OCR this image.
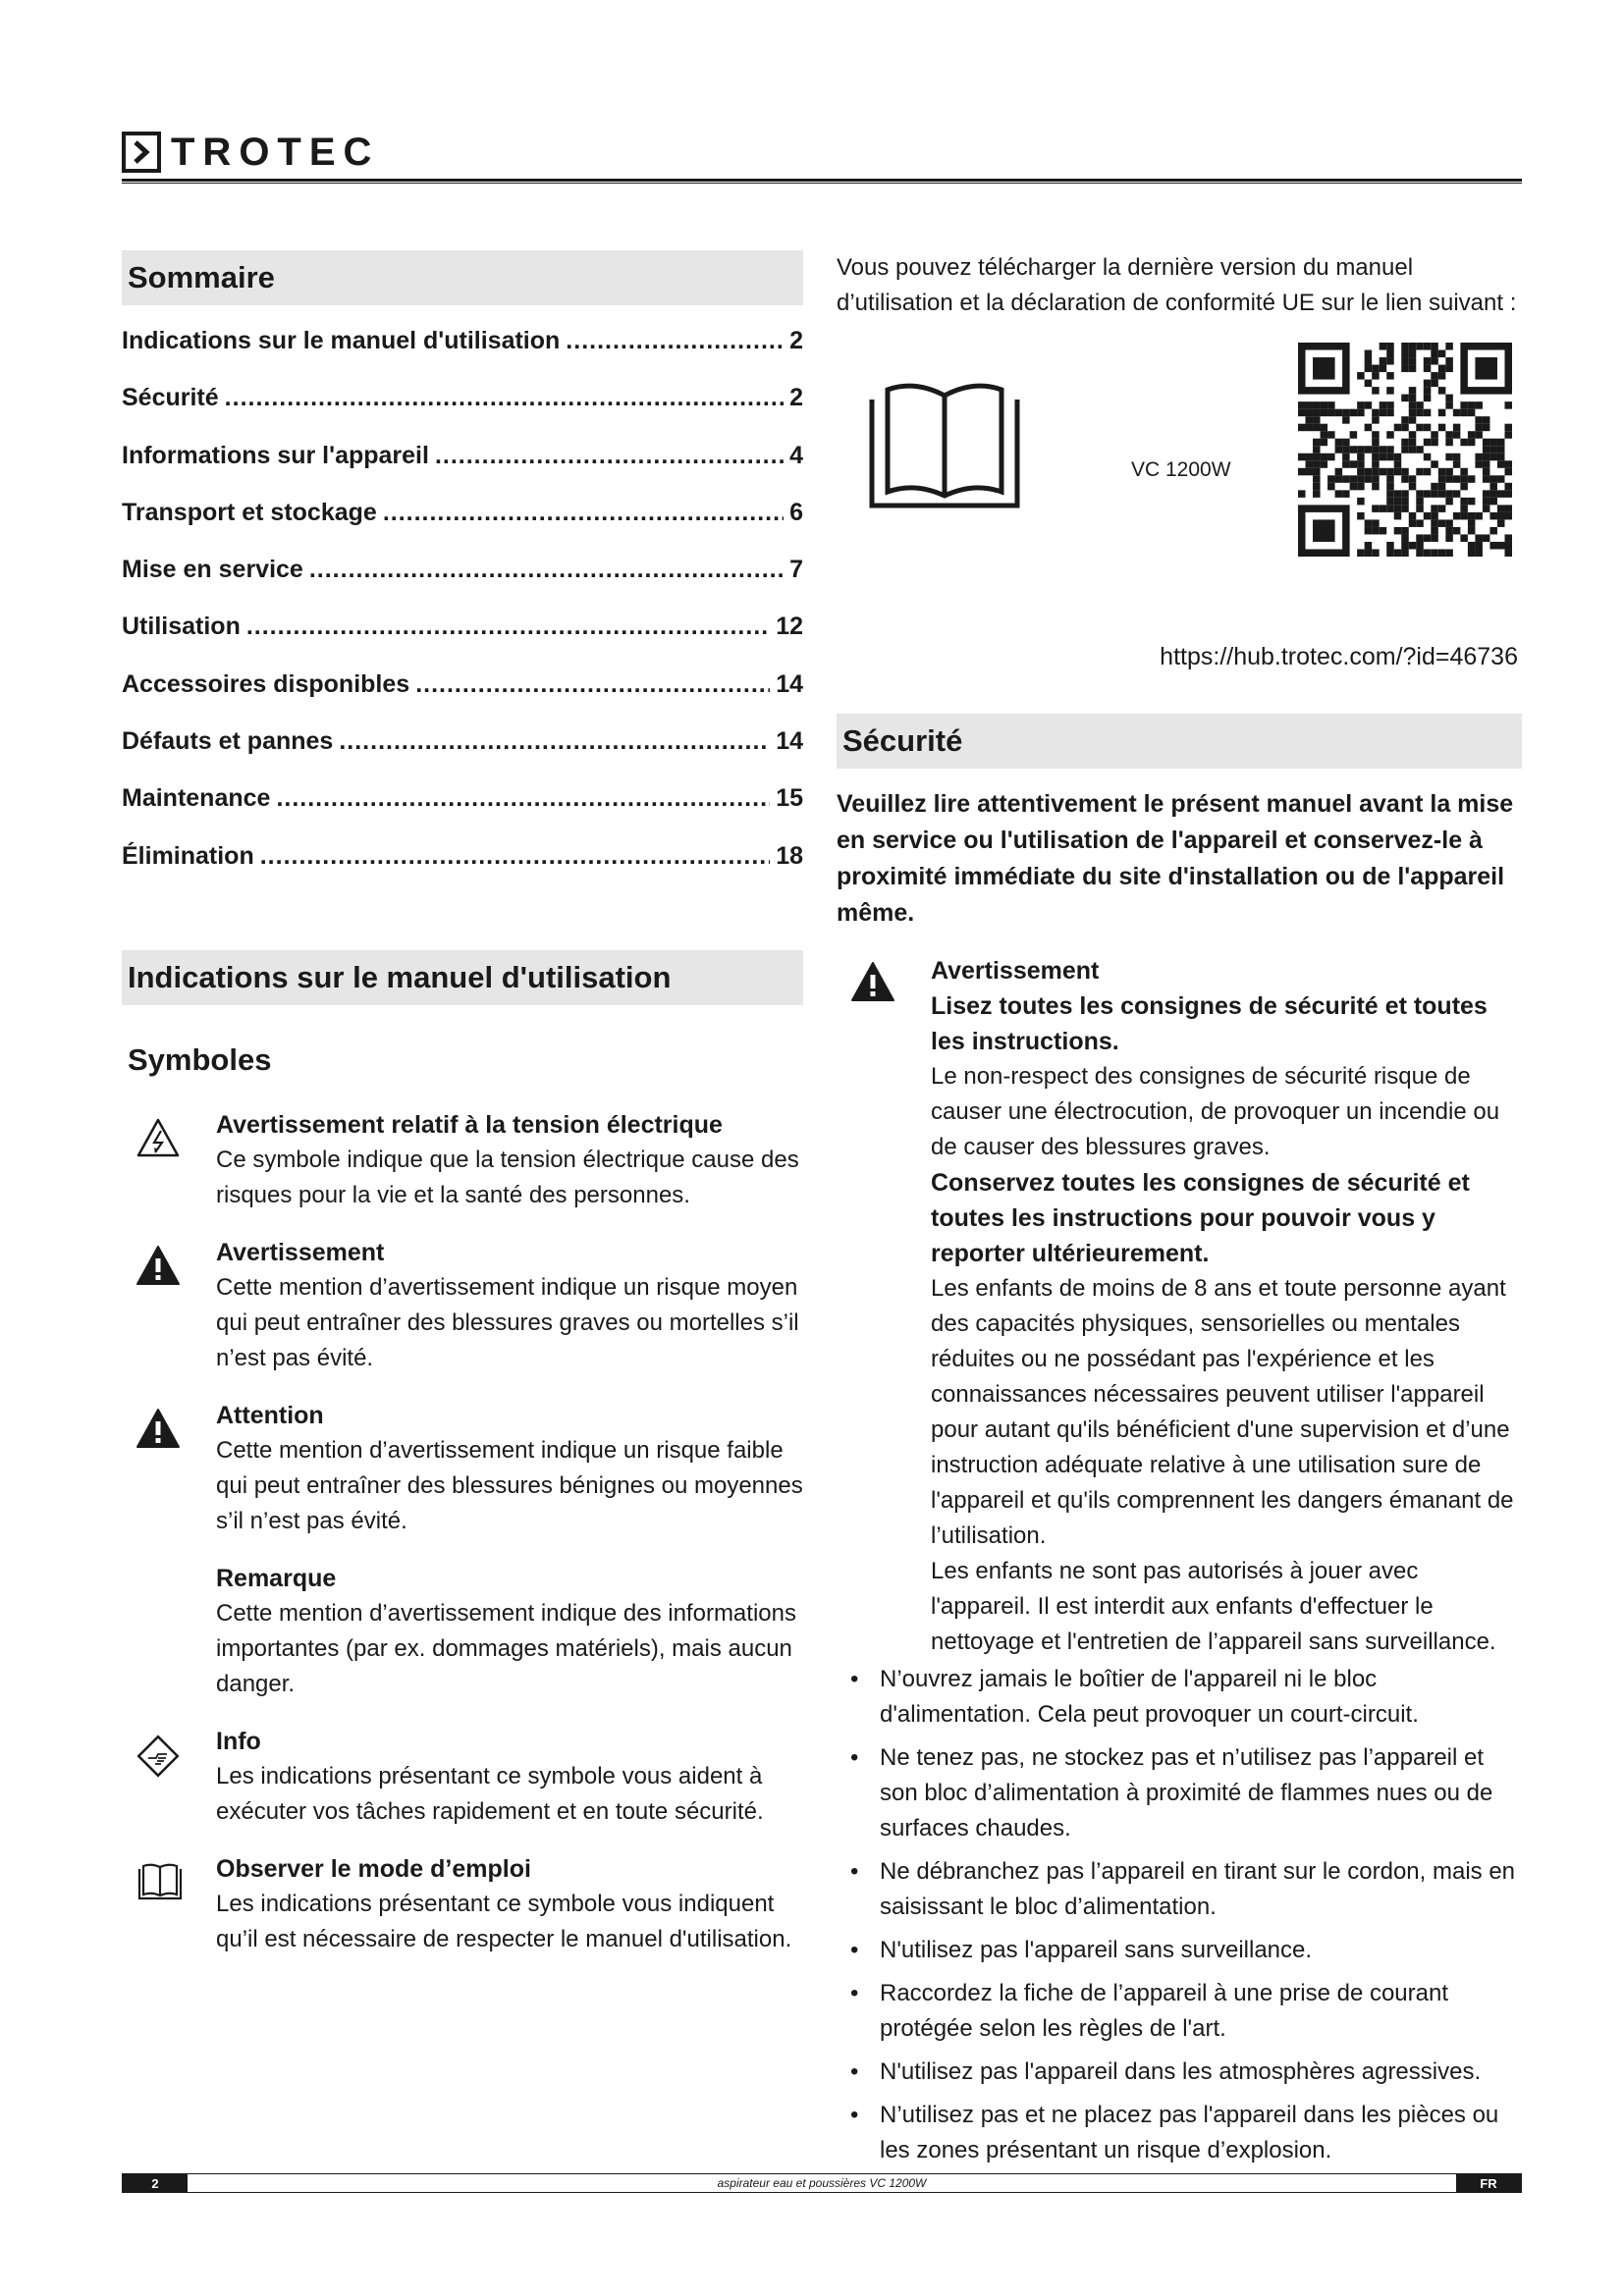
TROTEC
Sommaire
Indications sur le manuel d'utilisation .....	2
Sécurité .....	2
Informations sur l'appareil .....	4
Transport et stockage .....	6
Mise en service .....	7
Utilisation .....	12
Accessoires disponibles .....	14
Défauts et pannes .....	14
Maintenance .....	15
Élimination .....	18
Indications sur le manuel d'utilisation
Symboles
Avertissement relatif à la tension électrique
Ce symbole indique que la tension électrique cause des risques pour la vie et la santé des personnes.
Avertissement
Cette mention d’avertissement indique un risque moyen qui peut entraîner des blessures graves ou mortelles s’il n’est pas évité.
Attention
Cette mention d’avertissement indique un risque faible qui peut entraîner des blessures bénignes ou moyennes s’il n’est pas évité.
Remarque
Cette mention d’avertissement indique des informations importantes (par ex. dommages matériels), mais aucun danger.
Info
Les indications présentant ce symbole vous aident à exécuter vos tâches rapidement et en toute sécurité.
Observer le mode d’emploi
Les indications présentant ce symbole vous indiquent qu’il est nécessaire de respecter le manuel d'utilisation.
Vous pouvez télécharger la dernière version du manuel d’utilisation et la déclaration de conformité UE sur le lien suivant :
VC 1200W
https://hub.trotec.com/?id=46736
Sécurité
Veuillez lire attentivement le présent manuel avant la mise en service ou l'utilisation de l'appareil et conservez-le à proximité immédiate du site d'installation ou de l'appareil même.
Avertissement
Lisez toutes les consignes de sécurité et toutes les instructions.
Le non-respect des consignes de sécurité risque de causer une électrocution, de provoquer un incendie ou de causer des blessures graves.
Conservez toutes les consignes de sécurité et toutes les instructions pour pouvoir vous y reporter ultérieurement.
Les enfants de moins de 8 ans et toute personne ayant des capacités physiques, sensorielles ou mentales réduites ou ne possédant pas l'expérience et les connaissances nécessaires peuvent utiliser l'appareil pour autant qu'ils bénéficient d'une supervision et d’une instruction adéquate relative à une utilisation sure de l'appareil et qu'ils comprennent les dangers émanant de l’utilisation.
Les enfants ne sont pas autorisés à jouer avec l'appareil. Il est interdit aux enfants d'effectuer le nettoyage et l'entretien de l’appareil sans surveillance.
• N’ouvrez jamais le boîtier de l'appareil ni le bloc d'alimentation. Cela peut provoquer un court-circuit.
• Ne tenez pas, ne stockez pas et n’utilisez pas l’appareil et son bloc d’alimentation à proximité de flammes nues ou de surfaces chaudes.
• Ne débranchez pas l’appareil en tirant sur le cordon, mais en saisissant le bloc d’alimentation.
• N'utilisez pas l'appareil sans surveillance.
• Raccordez la fiche de l’appareil à une prise de courant protégée selon les règles de l'art.
• N'utilisez pas l'appareil dans les atmosphères agressives.
• N’utilisez pas et ne placez pas l'appareil dans les pièces ou les zones présentant un risque d’explosion.
2	aspirateur eau et poussières VC 1200W	FR
